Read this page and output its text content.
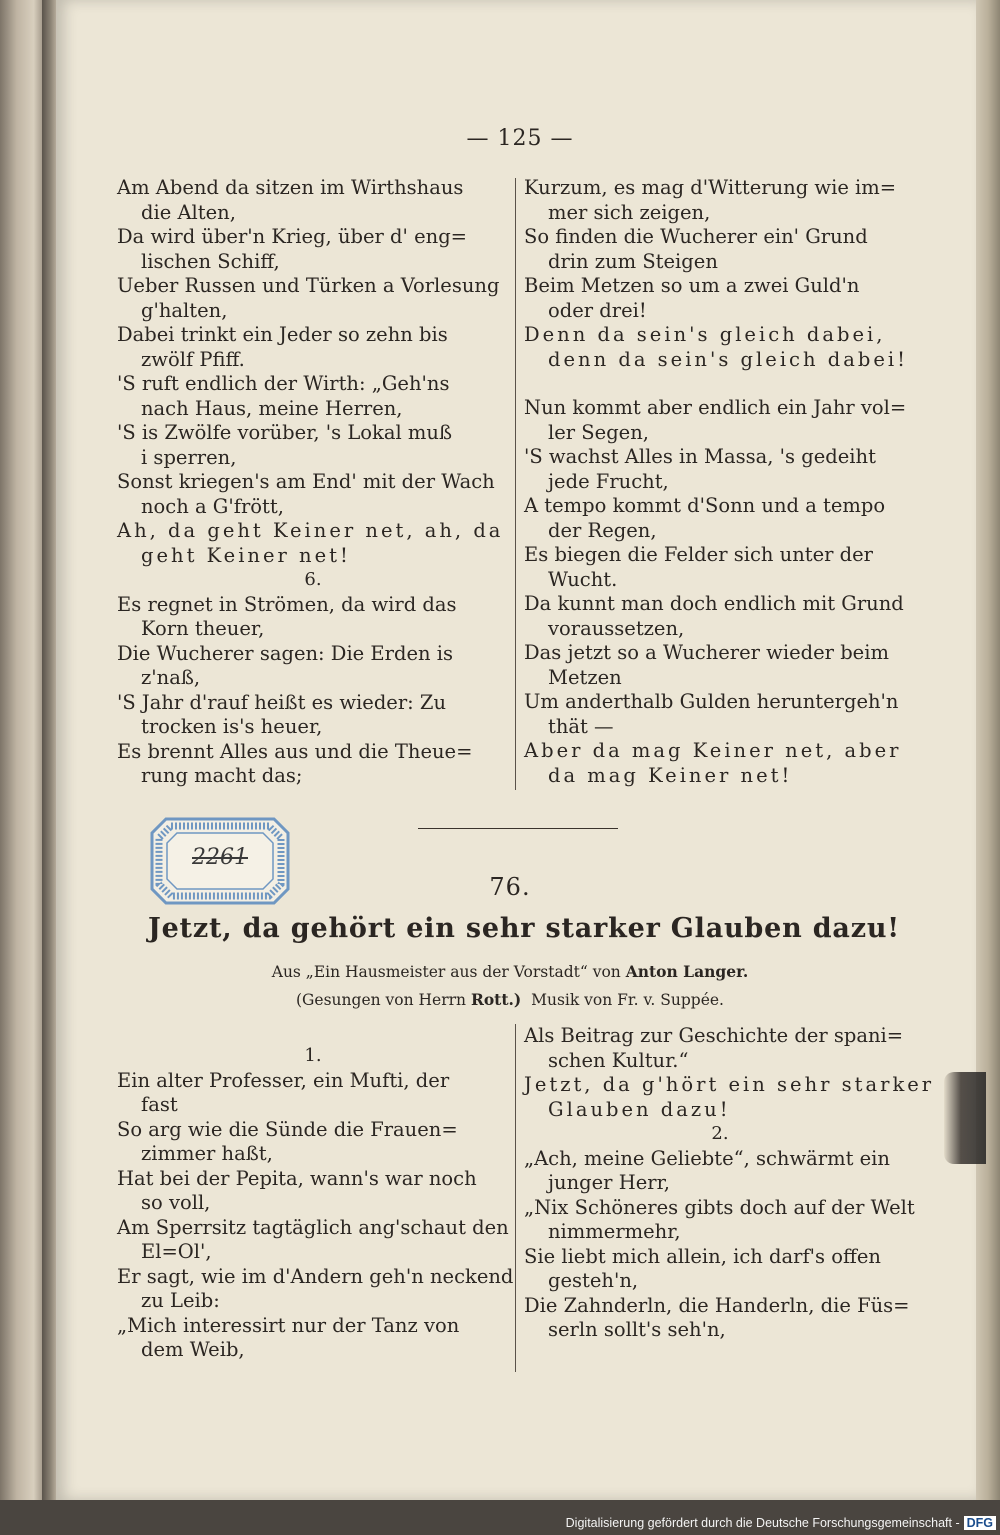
— 125 —
Am Abend da sitzen im Wirthshaus
die Alten,
Da wird über'n Krieg, über d' eng=
lischen Schiff,
Ueber Russen und Türken a Vorlesung
g'halten,
Dabei trinkt ein Jeder so zehn bis
zwölf Pfiff.
'S ruft endlich der Wirth: „Geh'ns
nach Haus, meine Herren,
'S is Zwölfe vorüber, 's Lokal muß
i sperren,
Sonst kriegen's am End' mit der Wach
noch a G'frött,
Ah, da geht Keiner net, ah, da
geht Keiner net!
6.
Es regnet in Strömen, da wird das
Korn theuer,
Die Wucherer sagen: Die Erden is
z'naß,
'S Jahr d'rauf heißt es wieder: Zu
trocken is's heuer,
Es brennt Alles aus und die Theue=
rung macht das;
Kurzum, es mag d'Witterung wie im=
mer sich zeigen,
So finden die Wucherer ein' Grund
drin zum Steigen
Beim Metzen so um a zwei Guld'n
oder drei!
Denn da sein's gleich dabei,
denn da sein's gleich dabei!
Nun kommt aber endlich ein Jahr vol=
ler Segen,
'S wachst Alles in Massa, 's gedeiht
jede Frucht,
A tempo kommt d'Sonn und a tempo
der Regen,
Es biegen die Felder sich unter der
Wucht.
Da kunnt man doch endlich mit Grund
voraussetzen,
Das jetzt so a Wucherer wieder beim
Metzen
Um anderthalb Gulden heruntergeh'n
thät —
Aber da mag Keiner net, aber
da mag Keiner net!
2261
76.
Jetzt, da gehört ein sehr starker Glauben dazu!
Aus „Ein Hausmeister aus der Vorstadt“ von Anton Langer.
(Gesungen von Herrn Rott.) Musik von Fr. v. Suppée.
1.
Ein alter Professer, ein Mufti, der
fast
So arg wie die Sünde die Frauen=
zimmer haßt,
Hat bei der Pepita, wann's war noch
so voll,
Am Sperrsitz tagtäglich ang'schaut den
El=Ol',
Er sagt, wie im d'Andern geh'n neckend
zu Leib:
„Mich interessirt nur der Tanz von
dem Weib,
Als Beitrag zur Geschichte der spani=
schen Kultur.“
Jetzt, da g'hört ein sehr starker
Glauben dazu!
2.
„Ach, meine Geliebte“, schwärmt ein
junger Herr,
„Nix Schöneres gibts doch auf der Welt
nimmermehr,
Sie liebt mich allein, ich darf's offen
gesteh'n,
Die Zahnderln, die Handerln, die Füs=
serln sollt's seh'n,
Digitalisierung gefördert durch die Deutsche Forschungsgemeinschaft - DFG
